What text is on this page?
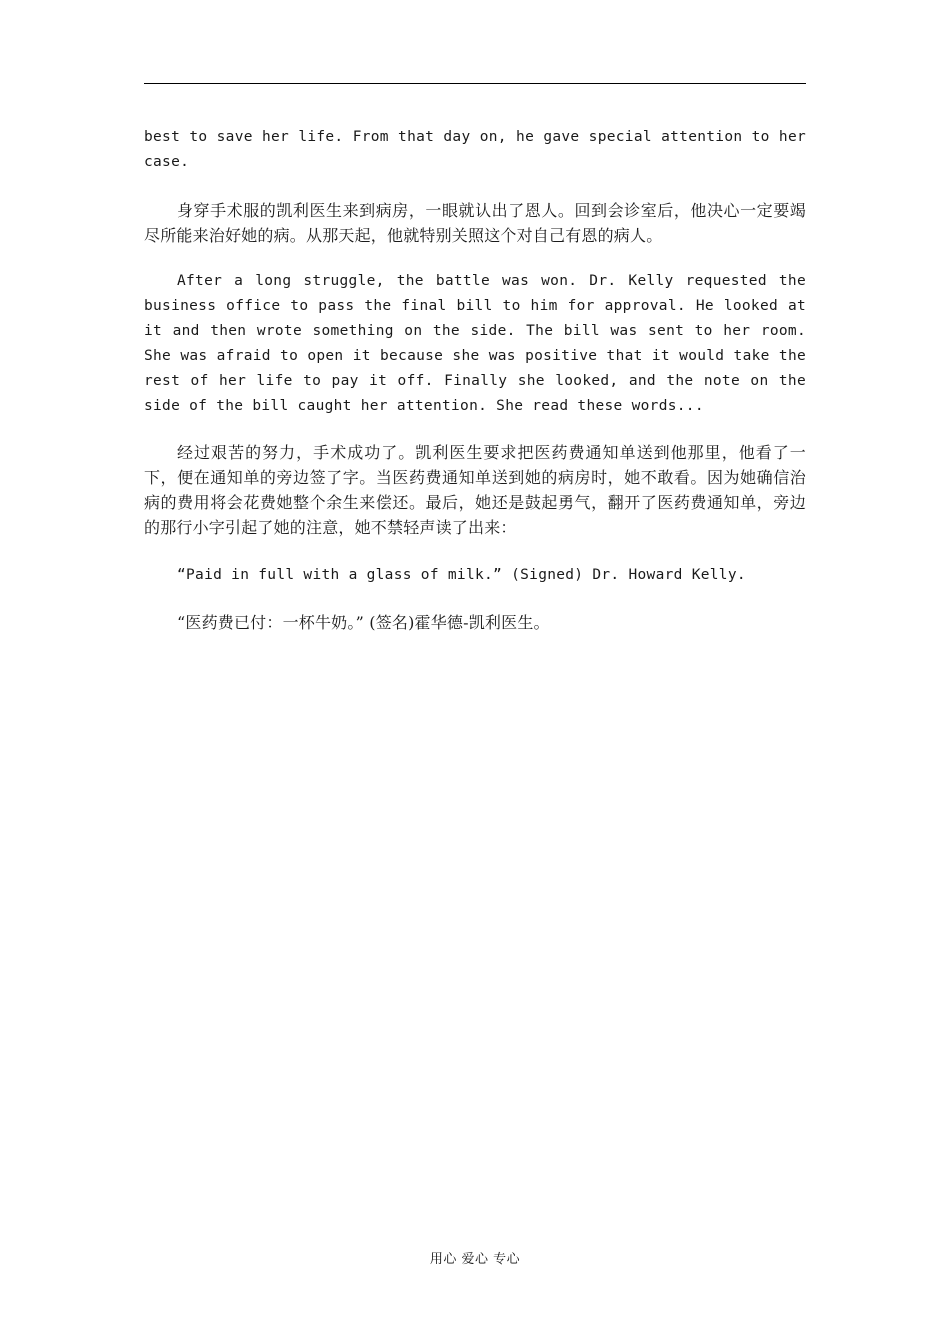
best to save her life. From that day on, he gave special attention to her case.

身穿手术服的凯利医生来到病房，一眼就认出了恩人。回到会诊室后，他决心一定要竭尽所能来治好她的病。从那天起，他就特别关照这个对自己有恩的病人。

After a long struggle, the battle was won. Dr. Kelly requested the business office to pass the final bill to him for approval. He looked at it and then wrote something on the side. The bill was sent to her room. She was afraid to open it because she was positive that it would take the rest of her life to pay it off. Finally she looked, and the note on the side of the bill caught her attention. She read these words...

经过艰苦的努力，手术成功了。凯利医生要求把医药费通知单送到他那里，他看了一下，便在通知单的旁边签了字。当医药费通知单送到她的病房时，她不敢看。因为她确信治病的费用将会花费她整个余生来偿还。最后，她还是鼓起勇气，翻开了医药费通知单，旁边的那行小字引起了她的注意，她不禁轻声读了出来：

“Paid in full with a glass of milk.” (Signed) Dr. Howard Kelly.

“医药费已付：一杯牛奶。” (签名)霍华德-凯利医生。

用心 爱心 专心
